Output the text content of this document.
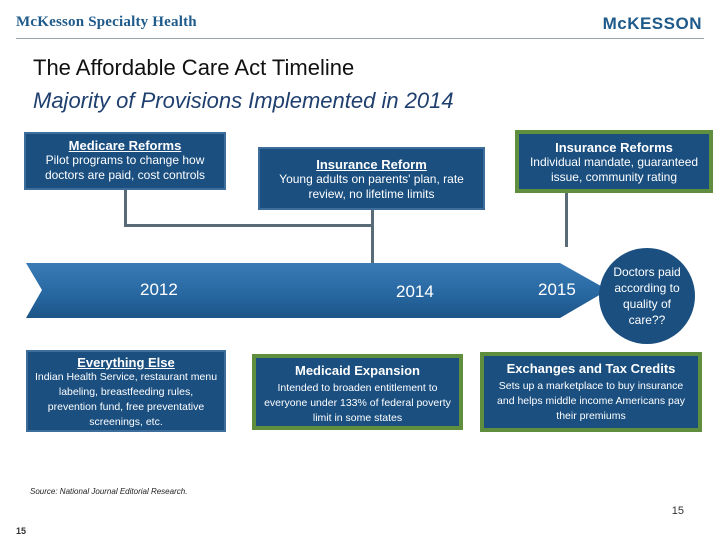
McKesson Specialty Health	McKESSON
The Affordable Care Act Timeline
Majority of Provisions Implemented in 2014
2012	2014	2015
Medicare Reforms
Pilot programs to change how doctors are paid, cost controls
Insurance Reform
Young adults on parents' plan, rate review, no lifetime limits
Insurance Reforms
Individual mandate, guaranteed issue, community rating
Doctors paid according to quality of care??
Everything Else
Indian Health Service, restaurant menu labeling, breastfeeding rules, prevention fund, free preventative screenings, etc.
Medicaid Expansion
Intended to broaden entitlement to everyone under 133% of federal poverty limit in some states
Exchanges and Tax Credits
Sets up a marketplace to buy insurance and helps middle income Americans pay their premiums
Source: National Journal Editorial Research.
15
15
